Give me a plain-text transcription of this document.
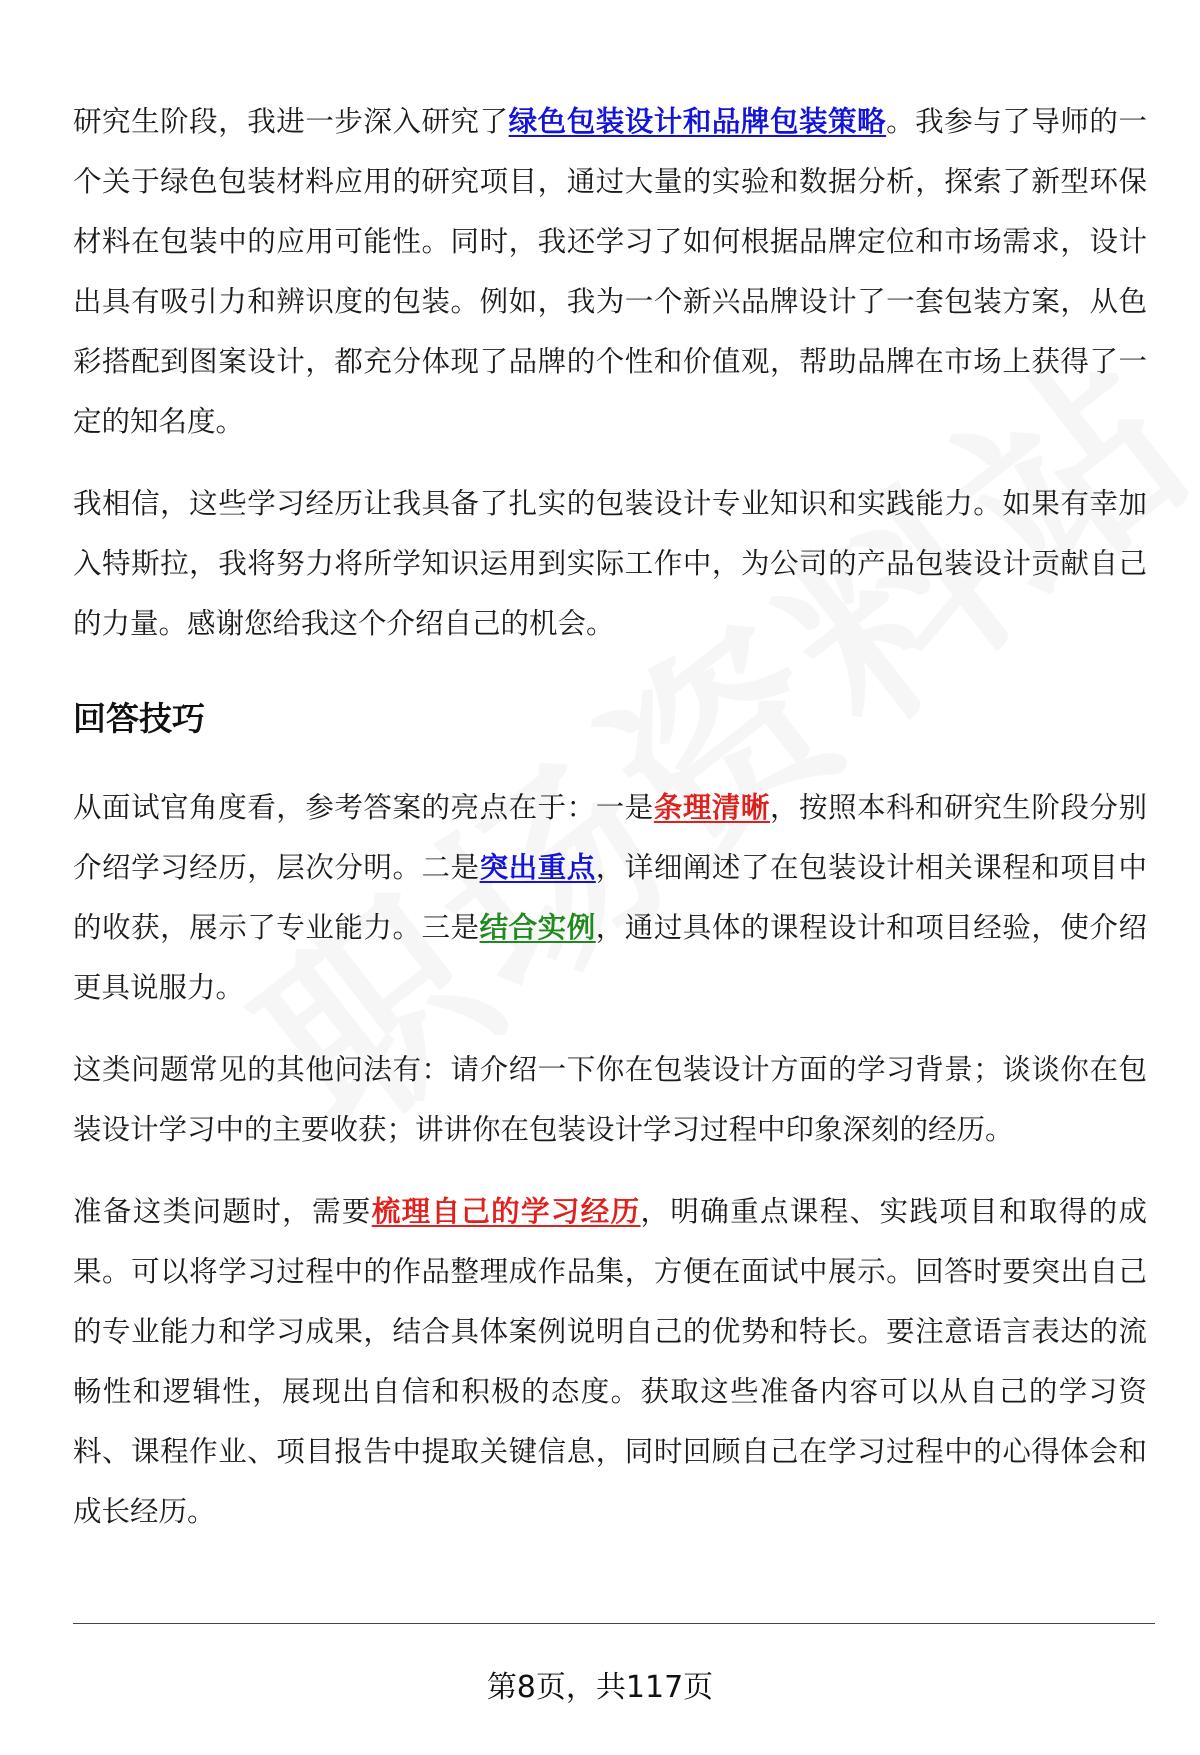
研究生阶段，我进一步深入研究了绿色包装设计和品牌包装策略。我参与了导师的一个关于绿色包装材料应用的研究项目，通过大量的实验和数据分析，探索了新型环保材料在包装中的应用可能性。同时，我还学习了如何根据品牌定位和市场需求，设计出具有吸引力和辨识度的包装。例如，我为一个新兴品牌设计了一套包装方案，从色彩搭配到图案设计，都充分体现了品牌的个性和价值观，帮助品牌在市场上获得了一定的知名度。

我相信，这些学习经历让我具备了扎实的包装设计专业知识和实践能力。如果有幸加入特斯拉，我将努力将所学知识运用到实际工作中，为公司的产品包装设计贡献自己的力量。感谢您给我这个介绍自己的机会。

回答技巧

从面试官角度看，参考答案的亮点在于：一是条理清晰，按照本科和研究生阶段分别介绍学习经历，层次分明。二是突出重点，详细阐述了在包装设计相关课程和项目中的收获，展示了专业能力。三是结合实例，通过具体的课程设计和项目经验，使介绍更具说服力。

这类问题常见的其他问法有：请介绍一下你在包装设计方面的学习背景；谈谈你在包装设计学习中的主要收获；讲讲你在包装设计学习过程中印象深刻的经历。

准备这类问题时，需要梳理自己的学习经历，明确重点课程、实践项目和取得的成果。可以将学习过程中的作品整理成作品集，方便在面试中展示。回答时要突出自己的专业能力和学习成果，结合具体案例说明自己的优势和特长。要注意语言表达的流畅性和逻辑性，展现出自信和积极的态度。获取这些准备内容可以从自己的学习资料、课程作业、项目报告中提取关键信息，同时回顾自己在学习过程中的心得体会和成长经历。

第8页，共117页
